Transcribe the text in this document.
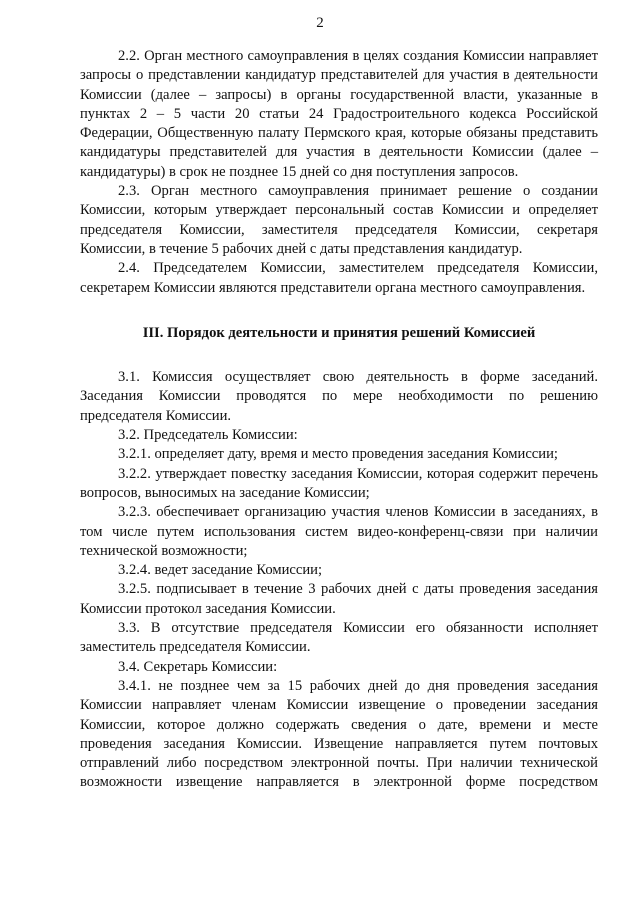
2

2.2. Орган местного самоуправления в целях создания Комиссии направляет запросы о представлении кандидатур представителей для участия в деятельности Комиссии (далее – запросы) в органы государственной власти, указанные в пунктах 2 – 5 части 20 статьи 24 Градостроительного кодекса Российской Федерации, Общественную палату Пермского края, которые обязаны представить кандидатуры представителей для участия в деятельности Комиссии (далее – кандидатуры) в срок не позднее 15 дней со дня поступления запросов.

2.3. Орган местного самоуправления принимает решение о создании Комиссии, которым утверждает персональный состав Комиссии и определяет председателя Комиссии, заместителя председателя Комиссии, секретаря Комиссии, в течение 5 рабочих дней с даты представления кандидатур.

2.4. Председателем Комиссии, заместителем председателя Комиссии, секретарем Комиссии являются представители органа местного самоуправления.

III. Порядок деятельности и принятия решений Комиссией

3.1. Комиссия осуществляет свою деятельность в форме заседаний. Заседания Комиссии проводятся по мере необходимости по решению председателя Комиссии.

3.2. Председатель Комиссии:

3.2.1. определяет дату, время и место проведения заседания Комиссии;

3.2.2. утверждает повестку заседания Комиссии, которая содержит перечень вопросов, выносимых на заседание Комиссии;

3.2.3. обеспечивает организацию участия членов Комиссии в заседаниях, в том числе путем использования систем видео-конференц-связи при наличии технической возможности;

3.2.4. ведет заседание Комиссии;

3.2.5. подписывает в течение 3 рабочих дней с даты проведения заседания Комиссии протокол заседания Комиссии.

3.3. В отсутствие председателя Комиссии его обязанности исполняет заместитель председателя Комиссии.

3.4. Секретарь Комиссии:

3.4.1. не позднее чем за 15 рабочих дней до дня проведения заседания Комиссии направляет членам Комиссии извещение о проведении заседания Комиссии, которое должно содержать сведения о дате, времени и месте проведения заседания Комиссии. Извещение направляется путем почтовых отправлений либо посредством электронной почты. При наличии технической возможности извещение направляется в электронной форме посредством
